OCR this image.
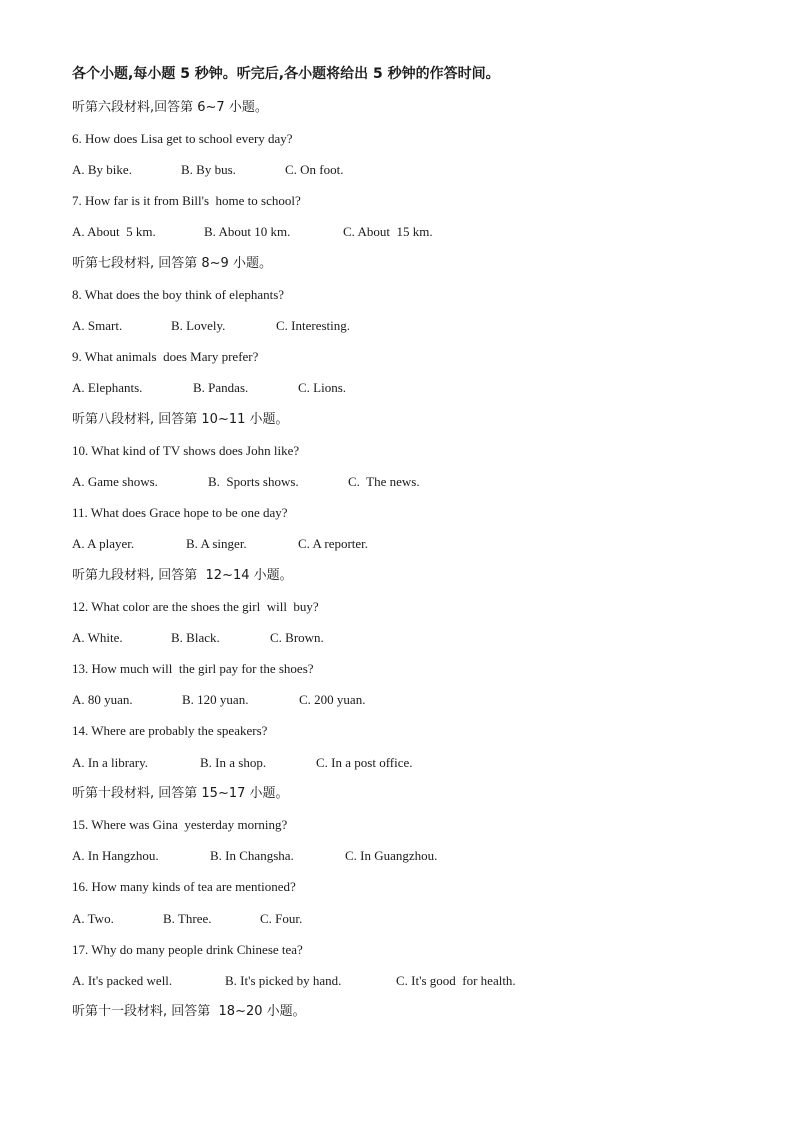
各个小题,每小题 5 秒钟。听完后,各小题将给出 5 秒钟的作答时间。
听第六段材料,回答第 6~7 小题。
6. How does Lisa get to school every day?
A. By bike.	B. By bus.	C. On foot.
7. How far is it from Bill's  home to school?
A. About  5 km.	B. About 10 km.	C. About  15 km.
听第七段材料, 回答第 8~9 小题。
8. What does the boy think of elephants?
A. Smart.	B. Lovely.	C. Interesting.
9. What animals  does Mary prefer?
A. Elephants.	B. Pandas.	C. Lions.
听第八段材料, 回答第 10~11 小题。
10. What kind of TV shows does John like?
A. Game shows.	B.  Sports shows.	C.  The news.
11. What does Grace hope to be one day?
A. A player.	B. A singer.	C. A reporter.
听第九段材料, 回答第  12~14 小题。
12. What color are the shoes the girl  will  buy?
A. White.	B. Black.	C. Brown.
13. How much will  the girl pay for the shoes?
A. 80 yuan.	B. 120 yuan.	C. 200 yuan.
14. Where are probably the speakers?
A. In a library.	B. In a shop.	C. In a post office.
听第十段材料, 回答第 15~17 小题。
15. Where was Gina  yesterday morning?
A. In Hangzhou.	B. In Changsha.	C. In Guangzhou.
16. How many kinds of tea are mentioned?
A. Two.	B. Three.	C. Four.
17. Why do many people drink Chinese tea?
A. It's packed well.	B. It's picked by hand.	C. It's good  for health.
听第十一段材料, 回答第  18~20 小题。
